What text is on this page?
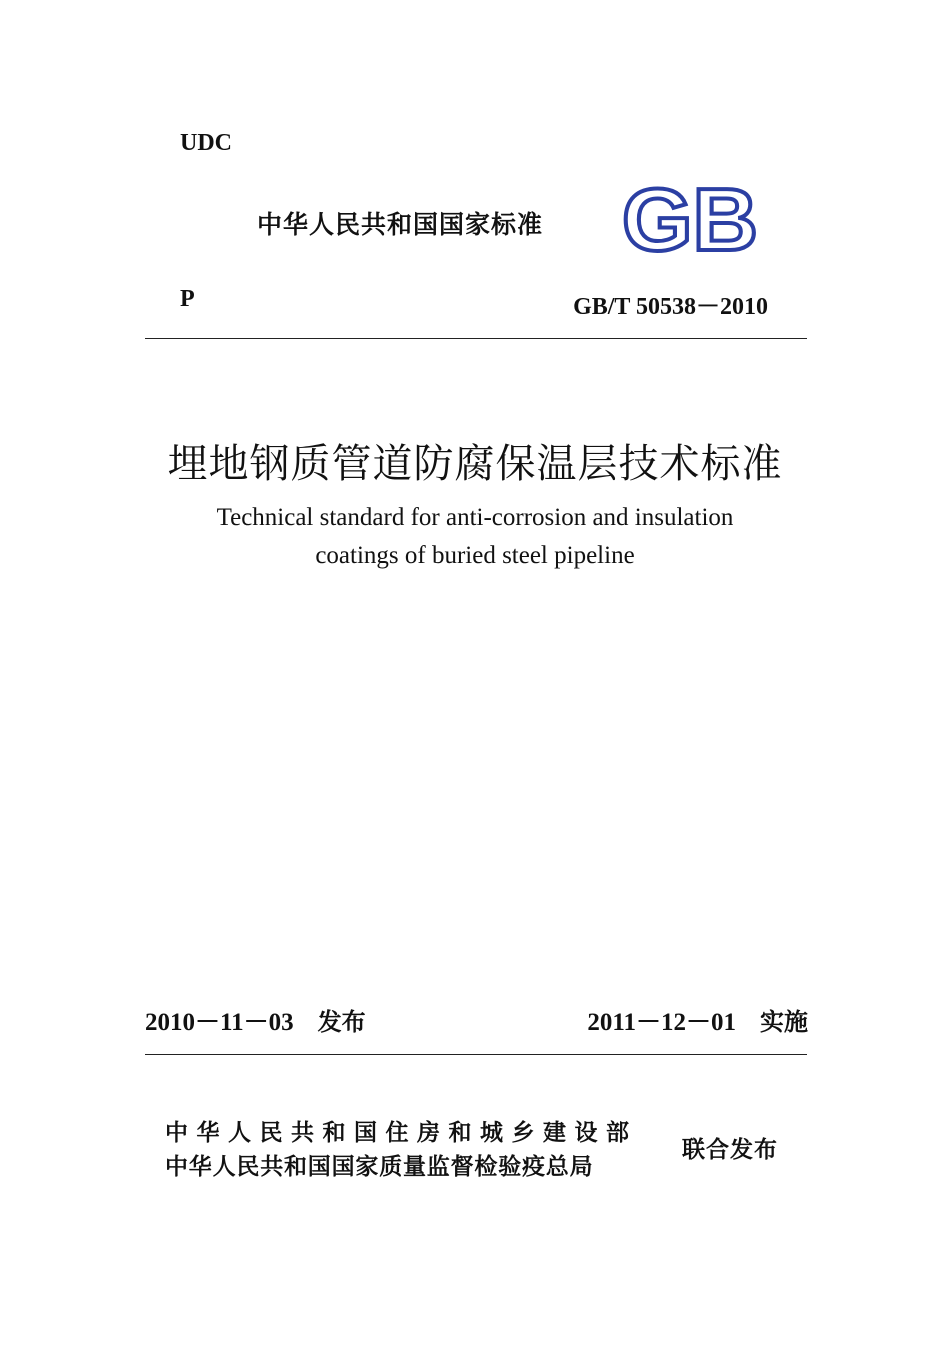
UDC
中华人民共和国国家标准 GB
P	GB/T 50538－2010
埋地钢质管道防腐保温层技术标准
Technical standard for anti-corrosion and insulation
coatings of buried steel pipeline
2010－11－03 发布	2011－12－01 实施
中华人民共和国住房和城乡建设部
中华人民共和国国家质量监督检验疫总局
联合发布
